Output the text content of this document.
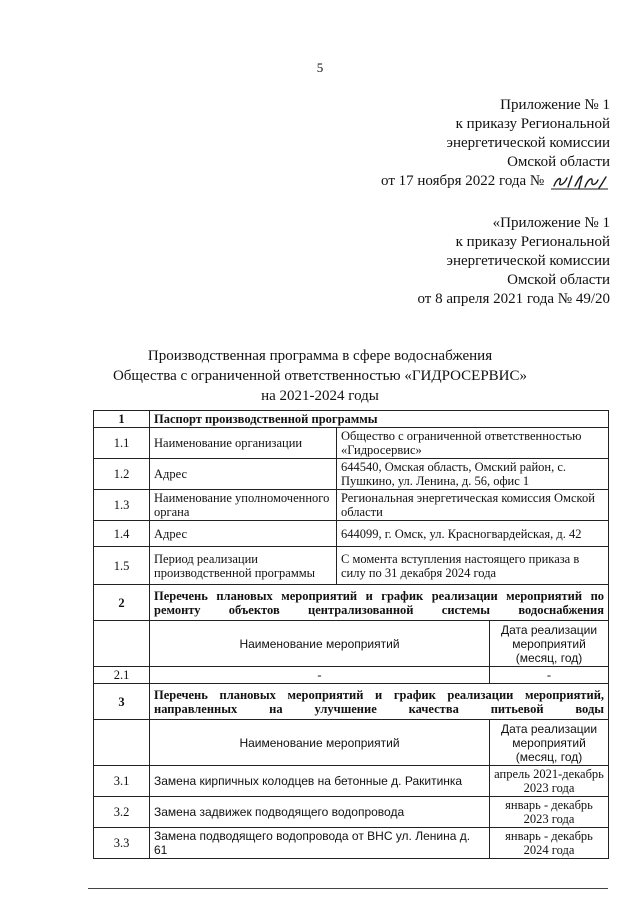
5
Приложение № 1
к приказу Региональной
энергетической комиссии
Омской области
от 17 ноября 2022 года №
«Приложение № 1
к приказу Региональной
энергетической комиссии
Омской области
от 8 апреля 2021 года № 49/20
Производственная программа в сфере водоснабжения
Общества с ограниченной ответственностью «ГИДРОСЕРВИС»
на 2021-2024 годы
1	Паспорт производственной программы		
1.1	Наименование организации	Общество с ограниченной ответственностью «Гидросервис»	
1.2	Адрес	644540, Омская область, Омский район, с. Пушкино, ул. Ленина, д. 56, офис 1	
1.3	Наименование уполномоченного органа	Региональная энергетическая комиссия Омской области	
1.4	Адрес	644099, г. Омск, ул. Красногвардейская, д. 42	
1.5	Период реализации производственной программы	С момента вступления настоящего приказа в силу по 31 декабря 2024 года	
2	Перечень плановых мероприятий и график реализации мероприятий по ремонту объектов централизованной системы водоснабжения		
	Наименование мероприятий		Дата реализации мероприятий (месяц, год)
2.1	-		-
3	Перечень плановых мероприятий и график реализации мероприятий, направленных на улучшение качества питьевой воды		
	Наименование мероприятий		Дата реализации мероприятий (месяц, год)
3.1	Замена кирпичных колодцев на бетонные д. Ракитинка		апрель 2021-декабрь 2023 года
3.2	Замена задвижек подводящего водопровода		январь - декабрь 2023 года
3.3	Замена подводящего водопровода от ВНС ул. Ленина д. 61		январь - декабрь 2024 года
